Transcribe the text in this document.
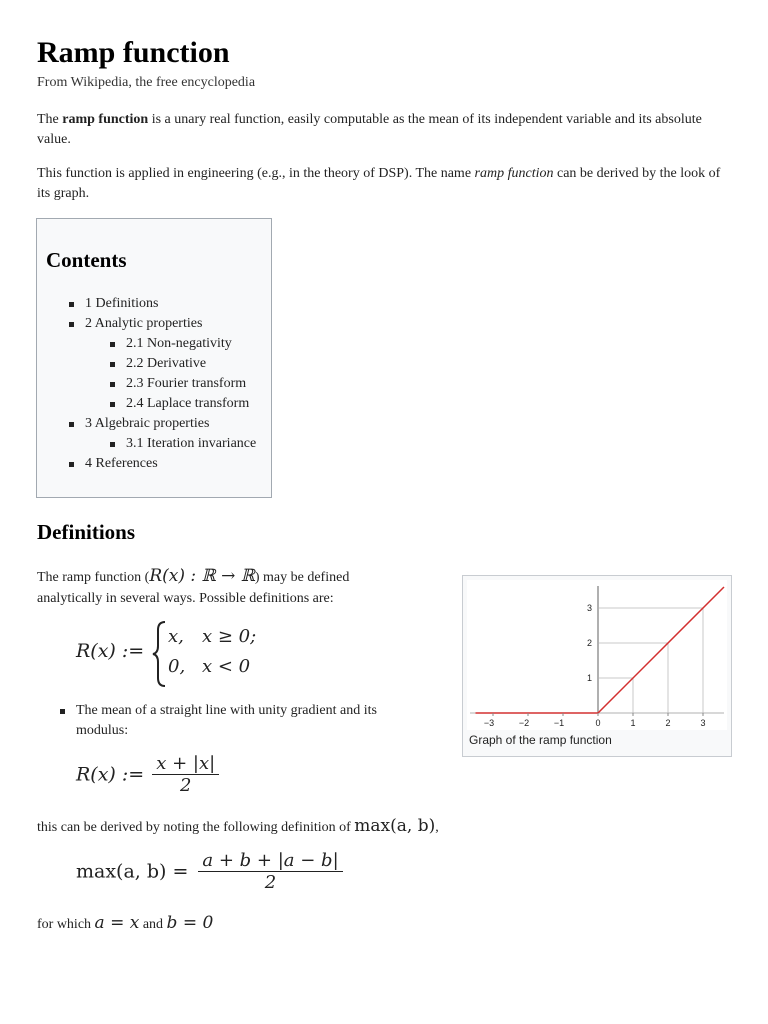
Ramp function
From Wikipedia, the free encyclopedia
The ramp function is a unary real function, easily computable as the mean of its independent variable and its absolute value.
This function is applied in engineering (e.g., in the theory of DSP). The name ramp function can be derived by the look of its graph.
Contents
1 Definitions
2 Analytic properties
2.1 Non-negativity
2.2 Derivative
2.3 Fourier transform
2.4 Laplace transform
3 Algebraic properties
3.1 Iteration invariance
4 References
Definitions
The ramp function (R(x) : ℝ → ℝ) may be defined
analytically in several ways. Possible definitions are:
R(x) :=
x, x ≥ 0;
0, x < 0
The mean of a straight line with unity gradient and its
modulus:
R(x) := $\frac{x + |x|}{2}$
this can be derived by noting the following definition of max(a, b),
max(a, $b) = \frac{a + b + |a - b|}{2}$
for which a = x and b = 0
−3	−2	−1	0	1	2	3
1
2
3
Graph of the ramp function
